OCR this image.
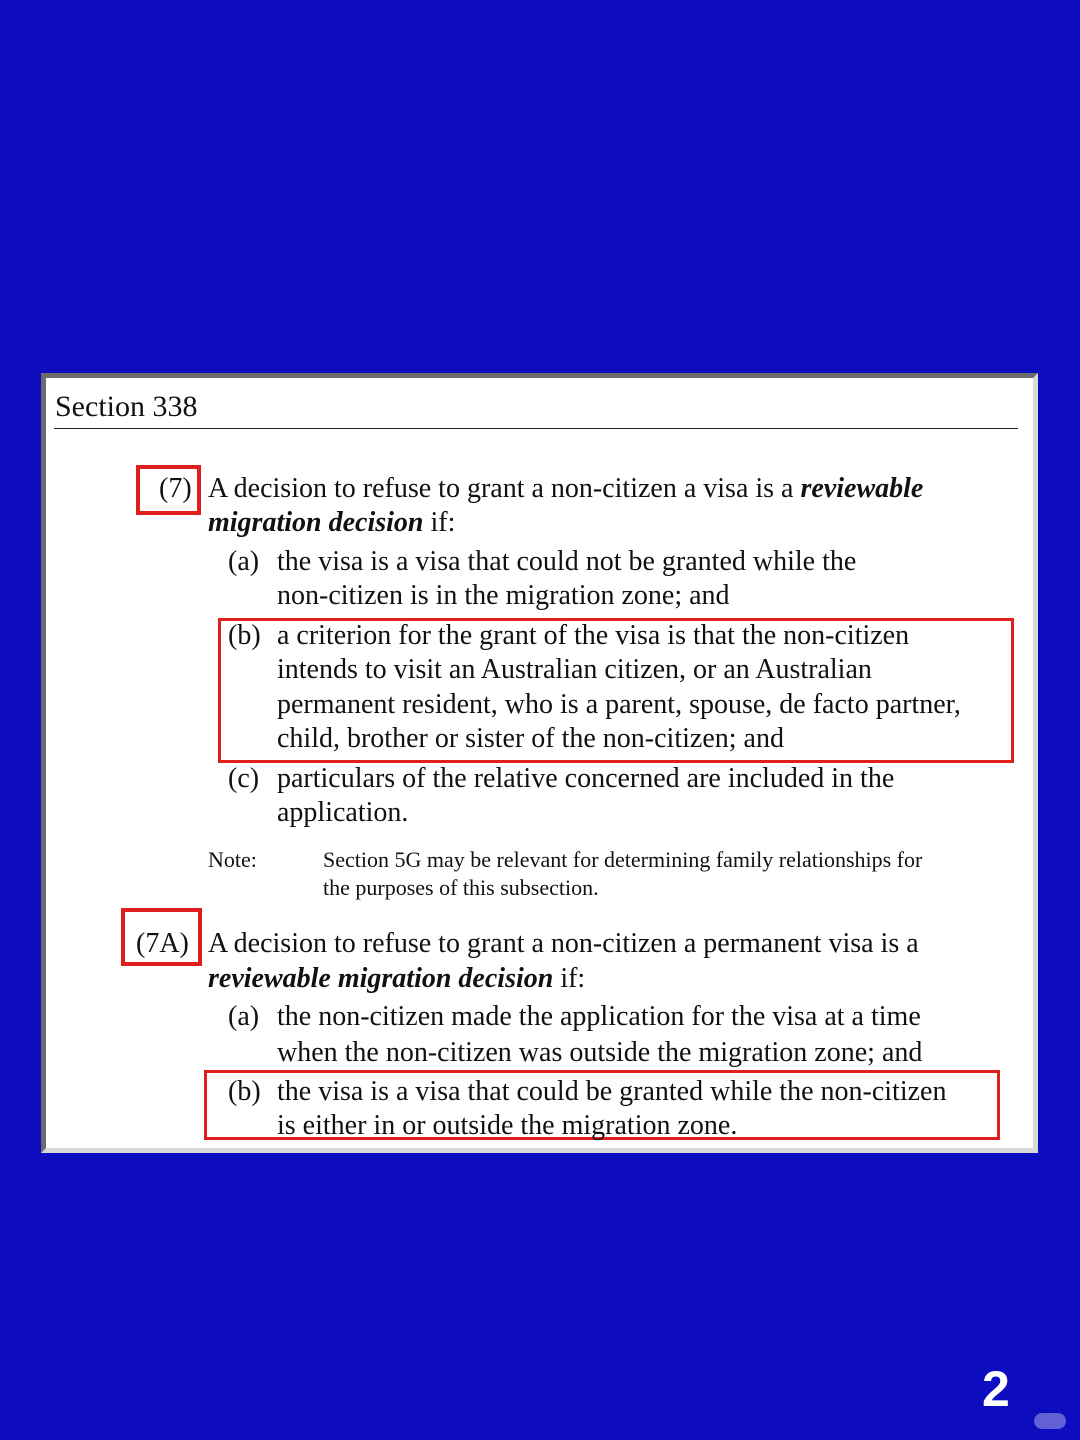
Section 338
(7) A decision to refuse to grant a non-citizen a visa is a reviewable
migration decision if:
(a) the visa is a visa that could not be granted while the
non-citizen is in the migration zone; and
(b) a criterion for the grant of the visa is that the non-citizen
intends to visit an Australian citizen, or an Australian
permanent resident, who is a parent, spouse, de facto partner,
child, brother or sister of the non-citizen; and
(c) particulars of the relative concerned are included in the
application.
Note:	Section 5G may be relevant for determining family relationships for
the purposes of this subsection.
(7A) A decision to refuse to grant a non-citizen a permanent visa is a
reviewable migration decision if:
(a) the non-citizen made the application for the visa at a time
when the non-citizen was outside the migration zone; and
(b) the visa is a visa that could be granted while the non-citizen
is either in or outside the migration zone.
2
